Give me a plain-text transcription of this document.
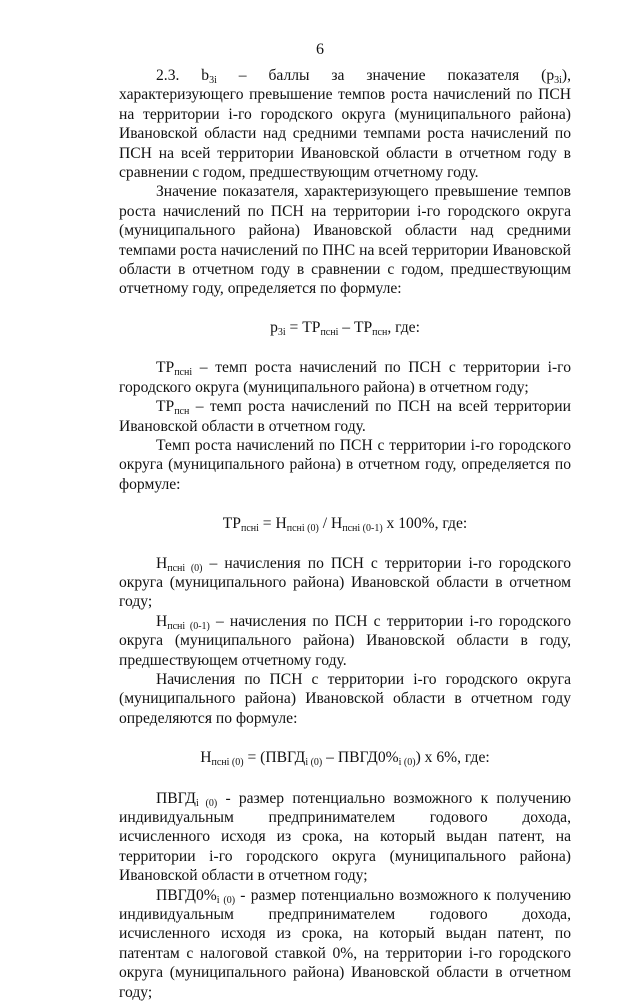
6

2.3. $b_{3i}$ – баллы за значение показателя $(p_{3i})$, характеризующего превышение темпов роста начислений по ПСН на территории i-го городского округа (муниципального района) Ивановской области над средними темпами роста начислений по ПСН на всей территории Ивановской области в отчетном году в сравнении с годом, предшествующим отчетному году.

Значение показателя, характеризующего превышение темпов роста начислений по ПСН на территории i-го городского округа (муниципального района) Ивановской области над средними темпами роста начислений по ПНС на всей территории Ивановской области в отчетном году в сравнении с годом, предшествующим отчетному году, определяется по формуле:

$p_{3i} = ТР_{псні} - ТР_{псн}$, где:

$ТР_{псні}$ – темп роста начислений по ПСН с территории i-го городского округа (муниципального района) в отчетном году;

$ТР_{псн}$ – темп роста начислений по ПСН на всей территории Ивановской области в отчетном году.

Темп роста начислений по ПСН с территории i-го городского округа (муниципального района) в отчетном году, определяется по формуле:

$ТР_{псні} = Н_{псні (0)} / Н_{псні (0-1)}$ х 100%, где:

$Н_{псні (0)}$ – начисления по ПСН с территории i-го городского округа (муниципального района) Ивановской области в отчетном году;

$Н_{псні (0-1)}$ – начисления по ПСН с территории i-го городского округа (муниципального района) Ивановской области в году, предшествующем отчетному году.

Начисления по ПСН с территории i-го городского округа (муниципального района) Ивановской области в отчетном году определяются по формуле:

$Н_{псні (0)}$ = ($ПВГД_{i (0)}$ – $ПВГД0\%_{i (0)}$) х 6%, где:

$ПВГД_{i (0)}$ - размер потенциально возможного к получению индивидуальным предпринимателем годового дохода, исчисленного исходя из срока, на который выдан патент, на территории i-го городского округа (муниципального района) Ивановской области в отчетном году;

$ПВГД0\%_{i (0)}$ - размер потенциально возможного к получению индивидуальным предпринимателем годового дохода, исчисленного исходя из срока, на который выдан патент, по патентам с налоговой ставкой 0%, на территории i-го городского округа (муниципального района) Ивановской области в отчетном году;
